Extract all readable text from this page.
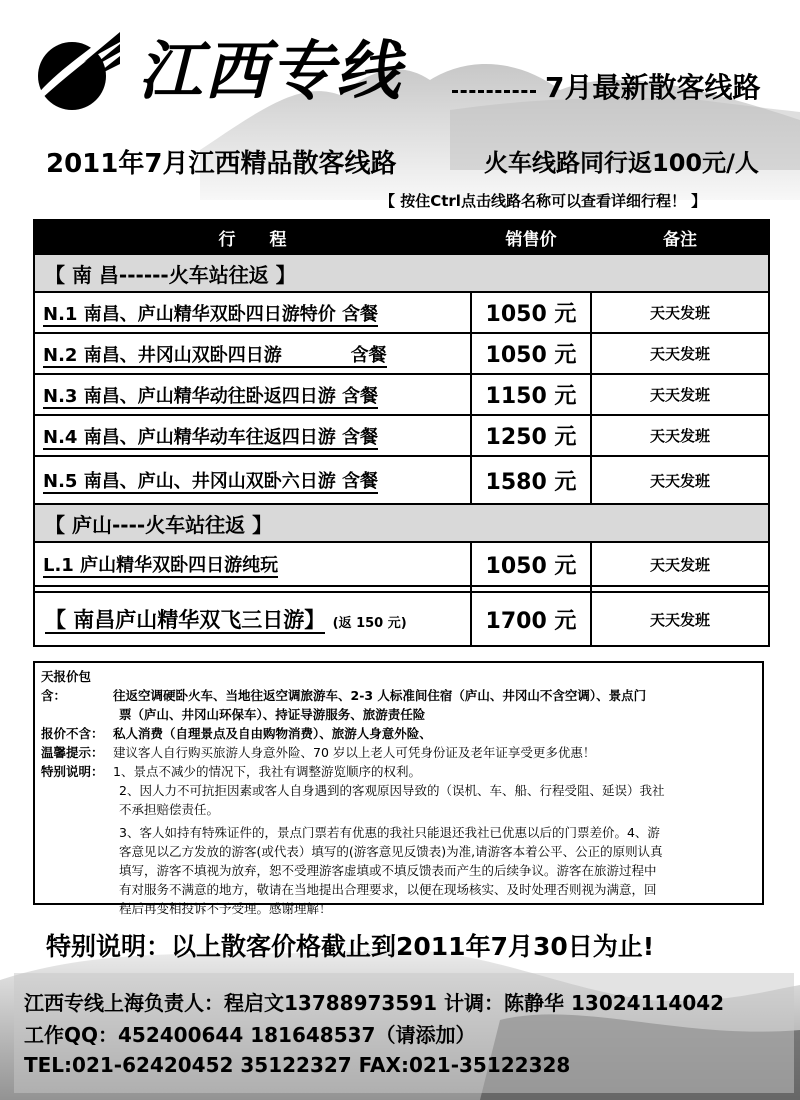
江西专线	7月最新散客线路
2011年7月江西精品散客线路	火车线路同行返100元/人
【 按住Ctrl点击线路名称可以查看详细行程！ 】
行　　程	销售价	备注
【 南 昌------火车站往返 】		
N.1 南昌、庐山精华双卧四日游特价 含餐	1050 元	天天发班
N.2 南昌、井冈山双卧四日游           含餐	1050 元	天天发班
N.3 南昌、庐山精华动往卧返四日游 含餐	1150 元	天天发班
N.4 南昌、庐山精华动车往返四日游 含餐	1250 元	天天发班
N.5 南昌、庐山、井冈山双卧六日游 含餐	1580 元	天天发班
【 庐山----火车站往返 】		
L.1 庐山精华双卧四日游纯玩	1050 元	天天发班

【 南昌庐山精华双飞三日游】 (返 150 元)	1700 元	天天发班
天报价包含：	往返空调硬卧火车、当地往返空调旅游车、2-3 人标准间住宿（庐山、井冈山不含空调）、景点门
票（庐山、井冈山环保车）、持证导游服务、旅游责任险
报价不含： 私人消费（自理景点及自由购物消费）、旅游人身意外险、
温馨提示： 建议客人自行购买旅游人身意外险、70 岁以上老人可凭身份证及老年证享受更多优惠！
特别说明： 1、景点不减少的情况下，我社有调整游览顺序的权利。
2、因人力不可抗拒因素或客人自身遇到的客观原因导致的（误机、车、船、行程受阻、延误）我社
不承担赔偿责任。
3、客人如持有特殊证件的，景点门票若有优惠的我社只能退还我社已优惠以后的门票差价。4、游
客意见以乙方发放的游客(或代表）填写的(游客意见反馈表)为准,请游客本着公平、公正的原则认真
填写，游客不填视为放弃，恕不受理游客虚填或不填反馈表而产生的后续争议。游客在旅游过程中
有对服务不满意的地方，敬请在当地提出合理要求，以便在现场核实、及时处理否则视为满意，回
程后再变相投诉不予受理。感谢理解！
特别说明：以上散客价格截止到2011年7月30日为止!
江西专线上海负责人：程启文13788973591 计调：陈静华 13024114042
工作QQ：452400644 181648537（请添加）
TEL:021-62420452 35122327 FAX:021-35122328
